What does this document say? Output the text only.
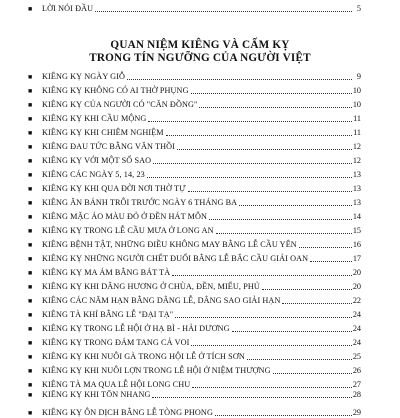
■	LỜI NÓI ĐẦU	5
QUAN NIỆM KIÊNG VÀ CẤM KỴ
TRONG TÍN NGƯỠNG CỦA NGƯỜI VIỆT
■	KIÊNG KỴ NGÀY GIỖ	9
■	KIÊNG KỴ KHÔNG CÓ AI THỜ PHỤNG	10
■	KIÊNG KỴ CỦA NGƯỜI CÓ "CĂN ĐỒNG"	10
■	KIÊNG KỴ KHI CẦU MỘNG	11
■	KIÊNG KỴ KHI CHIÊM NGHIỆM	11
■	KIÊNG ĐAU TỨC BẰNG VĂN THỒI	12
■	KIÊNG KỴ VỚI MỘT SỐ SAO	12
■	KIÊNG CÁC NGÀY 5, 14, 23	13
■	KIÊNG KỴ KHI QUA ĐỜI NƠI THỜ TỰ	13
■	KIÊNG ĂN BÁNH TRÔI TRƯỚC NGÀY 6 THÁNG BA	13
■	KIÊNG MẶC ÁO MÀU ĐỎ Ở ĐỀN HÁT MÔN	14
■	KIÊNG KỴ TRONG LỄ CẦU MƯA Ở LONG AN	15
■	KIÊNG BỆNH TẬT, NHỮNG ĐIỀU KHÔNG MAY BẰNG LỄ CẦU YÊN	16
■	KIÊNG KỴ NHỮNG NGƯỜI CHẾT ĐUỐI BẰNG LỄ BẮC CẦU GIẢI OAN	17
■	KIÊNG KỴ MA ÁM BẰNG BÁT TÀ	20
■	KIÊNG KỴ KHI DÂNG HƯƠNG Ở CHÙA, ĐỀN, MIẾU, PHỦ	20
■	KIÊNG CÁC NĂM HẠN BẰNG DÂNG LỄ, DÂNG SAO GIẢI HẠN	22
■	KIÊNG TÀ KHÍ BẰNG LỄ "ĐẠI TẠ"	24
■	KIÊNG KỴ TRONG LỄ HỘI Ở HẠ BÌ - HẢI DƯƠNG	24
■	KIÊNG KỴ TRONG ĐÁM TANG CẢ VOI	24
■	KIÊNG KỴ KHI NUÔI GÀ TRONG HỘI LỄ Ở TÍCH SƠN	25
■	KIÊNG KỴ KHI NUÔI LỢN TRONG LỄ HỘI Ở NIỆM THƯỢNG	26
■	KIÊNG TÀ MA QUA LỄ HỘI LONG CHU	27
■	KIÊNG KỴ KHI TỐN NHANG	28
■	KIÊNG KỴ ÔN DỊCH BẰNG LỄ TÒNG PHONG	29
